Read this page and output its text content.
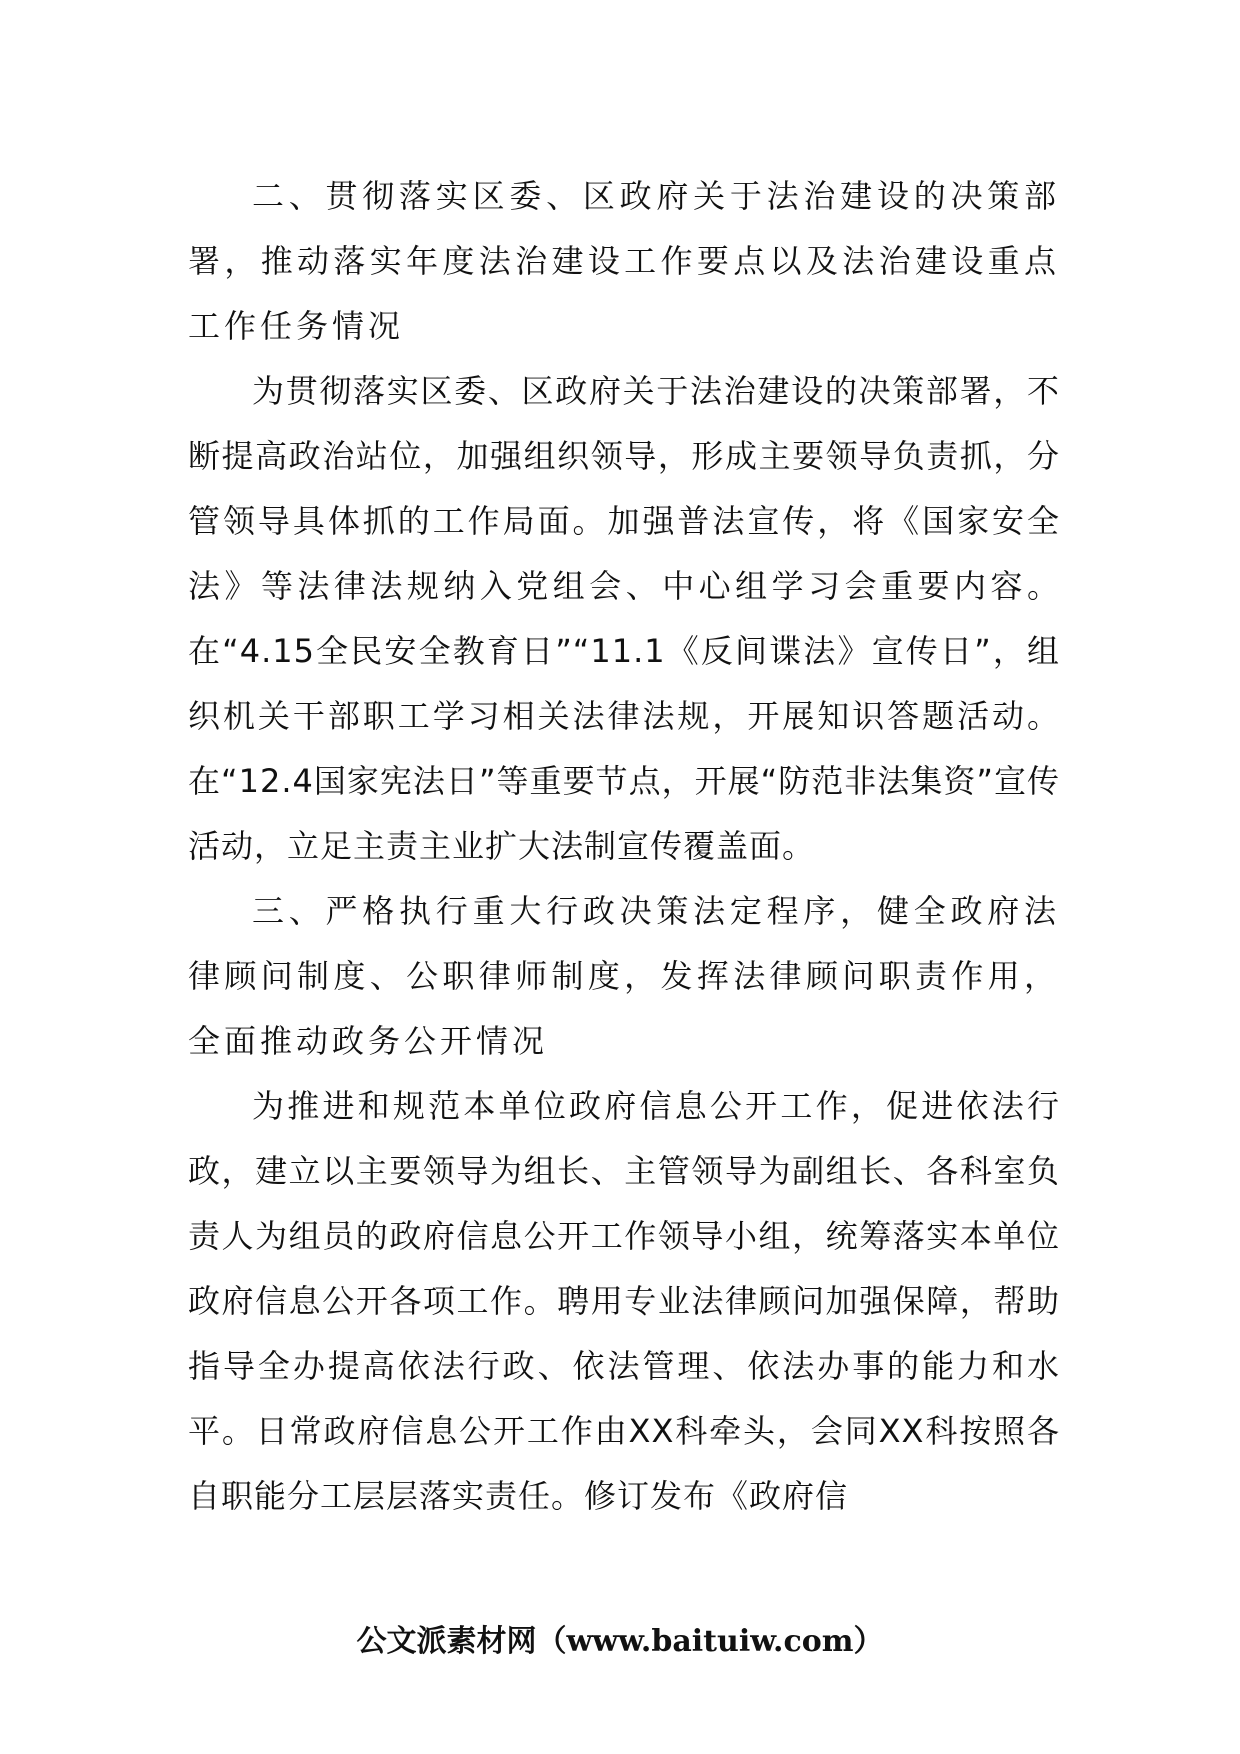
二、贯彻落实区委、区政府关于法治建设的决策部署，推动落实年度法治建设工作要点以及法治建设重点工作任务情况

为贯彻落实区委、区政府关于法治建设的决策部署，不断提高政治站位，加强组织领导，形成主要领导负责抓，分管领导具体抓的工作局面。加强普法宣传，将《国家安全法》等法律法规纳入党组会、中心组学习会重要内容。在“4.15全民安全教育日”“11.1《反间谍法》宣传日”，组织机关干部职工学习相关法律法规，开展知识答题活动。在“12.4国家宪法日”等重要节点，开展“防范非法集资”宣传活动，立足主责主业扩大法制宣传覆盖面。

三、严格执行重大行政决策法定程序，健全政府法律顾问制度、公职律师制度，发挥法律顾问职责作用，全面推动政务公开情况

为推进和规范本单位政府信息公开工作，促进依法行政，建立以主要领导为组长、主管领导为副组长、各科室负责人为组员的政府信息公开工作领导小组，统筹落实本单位政府信息公开各项工作。聘用专业法律顾问加强保障，帮助指导全办提高依法行政、依法管理、依法办事的能力和水平。日常政府信息公开工作由XX科牵头，会同XX科按照各自职能分工层层落实责任。修订发布《政府信

公文派素材网（www.baituiw.com）
